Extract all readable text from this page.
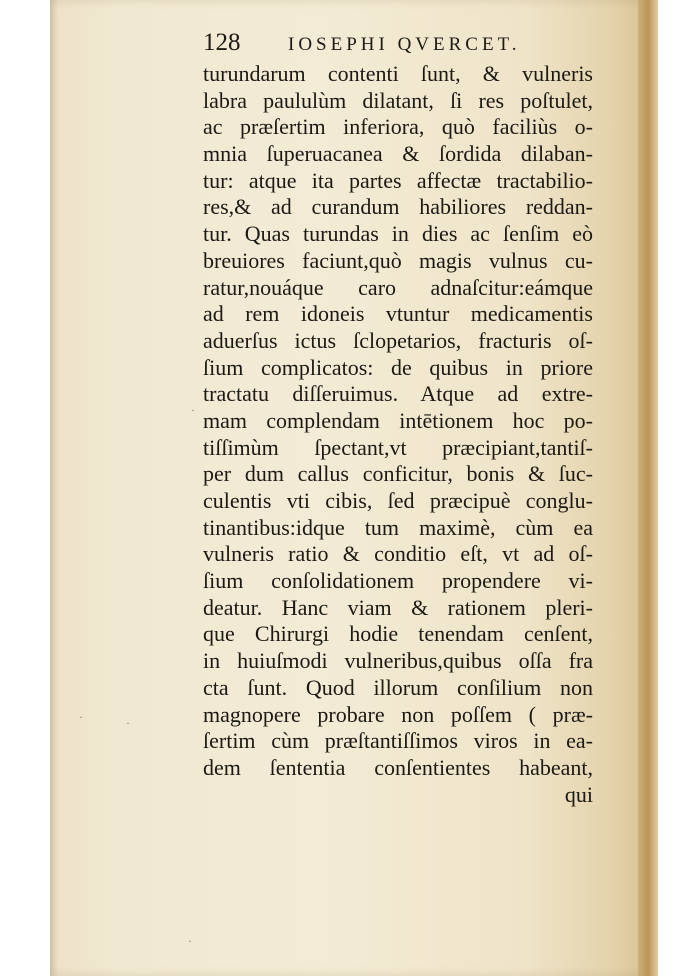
128	IOSEPHI QVERCET.
turundarum contenti ſunt, & vulneris
labra paululùm dilatant, ſi res poſtulet,
ac præſertim inferiora, quò faciliùs o-
mnia ſuperuacanea & ſordida dilaban-
tur: atque ita partes affectæ tractabilio-
res,& ad curandum habiliores reddan-
tur. Quas turundas in dies ac ſenſim eò
breuiores faciunt,quò magis vulnus cu-
ratur,nouáque caro adnaſcitur:eámque
ad rem idoneis vtuntur medicamentis
aduerſus ictus ſclopetarios, fracturis oſ-
ſium complicatos: de quibus in priore
tractatu diſſeruimus. Atque ad extre-
mam complendam intētionem hoc po-
tiſſimùm ſpectant,vt præcipiant,tantiſ-
per dum callus conficitur, bonis & ſuc-
culentis vti cibis, ſed præcipuè conglu-
tinantibus:idque tum maximè, cùm ea
vulneris ratio & conditio eſt, vt ad oſ-
ſium conſolidationem propendere vi-
deatur. Hanc viam & rationem pleri-
que Chirurgi hodie tenendam cenſent,
in huiuſmodi vulneribus,quibus oſſa fra
cta ſunt. Quod illorum conſilium non
magnopere probare non poſſem ( præ-
ſertim cùm præſtantiſſimos viros in ea-
dem ſententia conſentientes habeant,
qui
·
·	·
·
